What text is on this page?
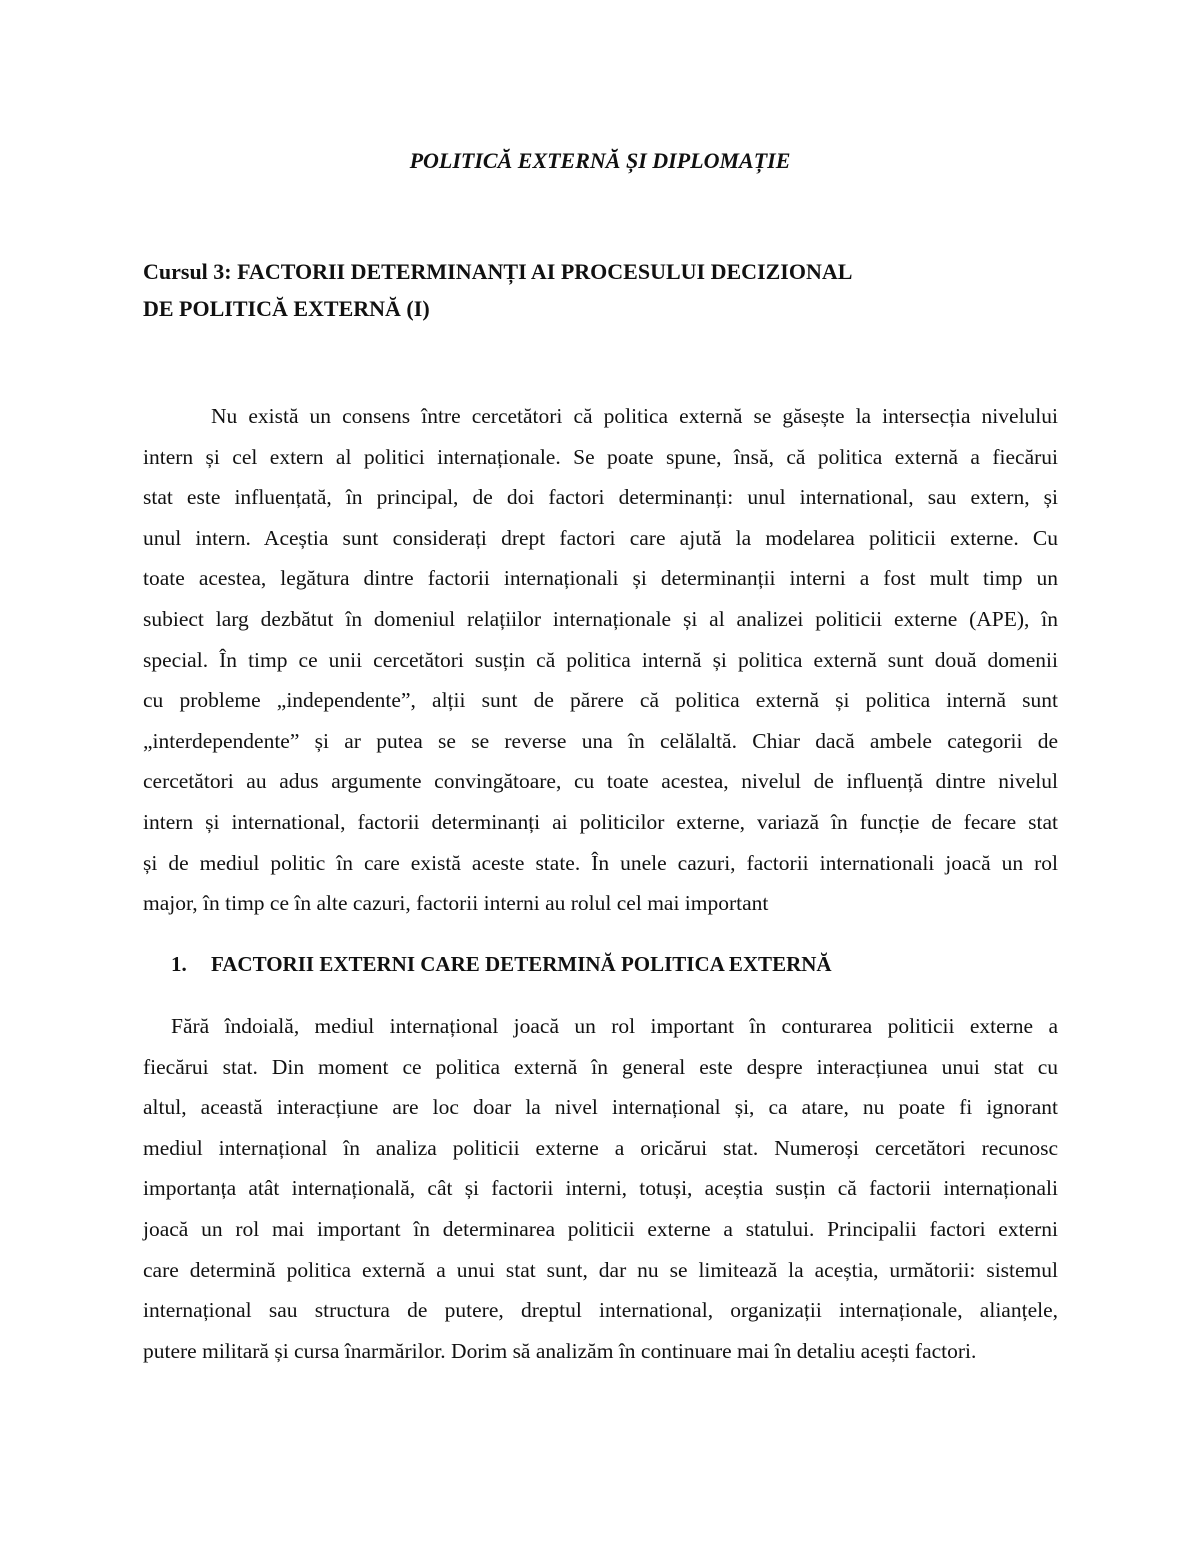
POLITICĂ EXTERNĂ ȘI DIPLOMAȚIE
Cursul 3: FACTORII DETERMINANȚI AI PROCESULUI DECIZIONAL
DE POLITICĂ EXTERNĂ (I)
Nu există un consens între cercetători că politica externă se găsește la intersecția nivelului
intern și cel extern al politici internaționale. Se poate spune, însă, că politica externă a fiecărui
stat este influențată, în principal, de doi factori determinanți: unul international, sau extern, și
unul intern. Aceștia sunt considerați drept factori care ajută la modelarea politicii externe. Cu
toate acestea, legătura dintre factorii internaționali și determinanții interni a fost mult timp un
subiect larg dezbătut în domeniul relațiilor internaționale și al analizei politicii externe (APE), în
special. În timp ce unii cercetători susțin că politica internă și politica externă sunt două domenii
cu probleme „independente”, alții sunt de părere că politica externă și politica internă sunt
„interdependente” și ar putea se se reverse una în celălaltă. Chiar dacă ambele categorii de
cercetători au adus argumente convingătoare, cu toate acestea, nivelul de influență dintre nivelul
intern și international, factorii determinanți ai politicilor externe, variază în funcție de fecare stat
și de mediul politic în care există aceste state. În unele cazuri, factorii internationali joacă un rol
major, în timp ce în alte cazuri, factorii interni au rolul cel mai important
1. FACTORII EXTERNI CARE DETERMINĂ POLITICA EXTERNĂ
Fără îndoială, mediul internațional joacă un rol important în conturarea politicii externe a
fiecărui stat. Din moment ce politica externă în general este despre interacțiunea unui stat cu
altul, această interacțiune are loc doar la nivel internațional și, ca atare, nu poate fi ignorant
mediul internațional în analiza politicii externe a oricărui stat. Numeroși cercetători recunosc
importanța atât internațională, cât și factorii interni, totuși, aceștia susțin că factorii internaționali
joacă un rol mai important în determinarea politicii externe a statului. Principalii factori externi
care determină politica externă a unui stat sunt, dar nu se limitează la aceștia, următorii: sistemul
internațional sau structura de putere, dreptul international, organizații internaționale, alianțele,
putere militară și cursa înarmărilor. Dorim să analizăm în continuare mai în detaliu acești factori.
